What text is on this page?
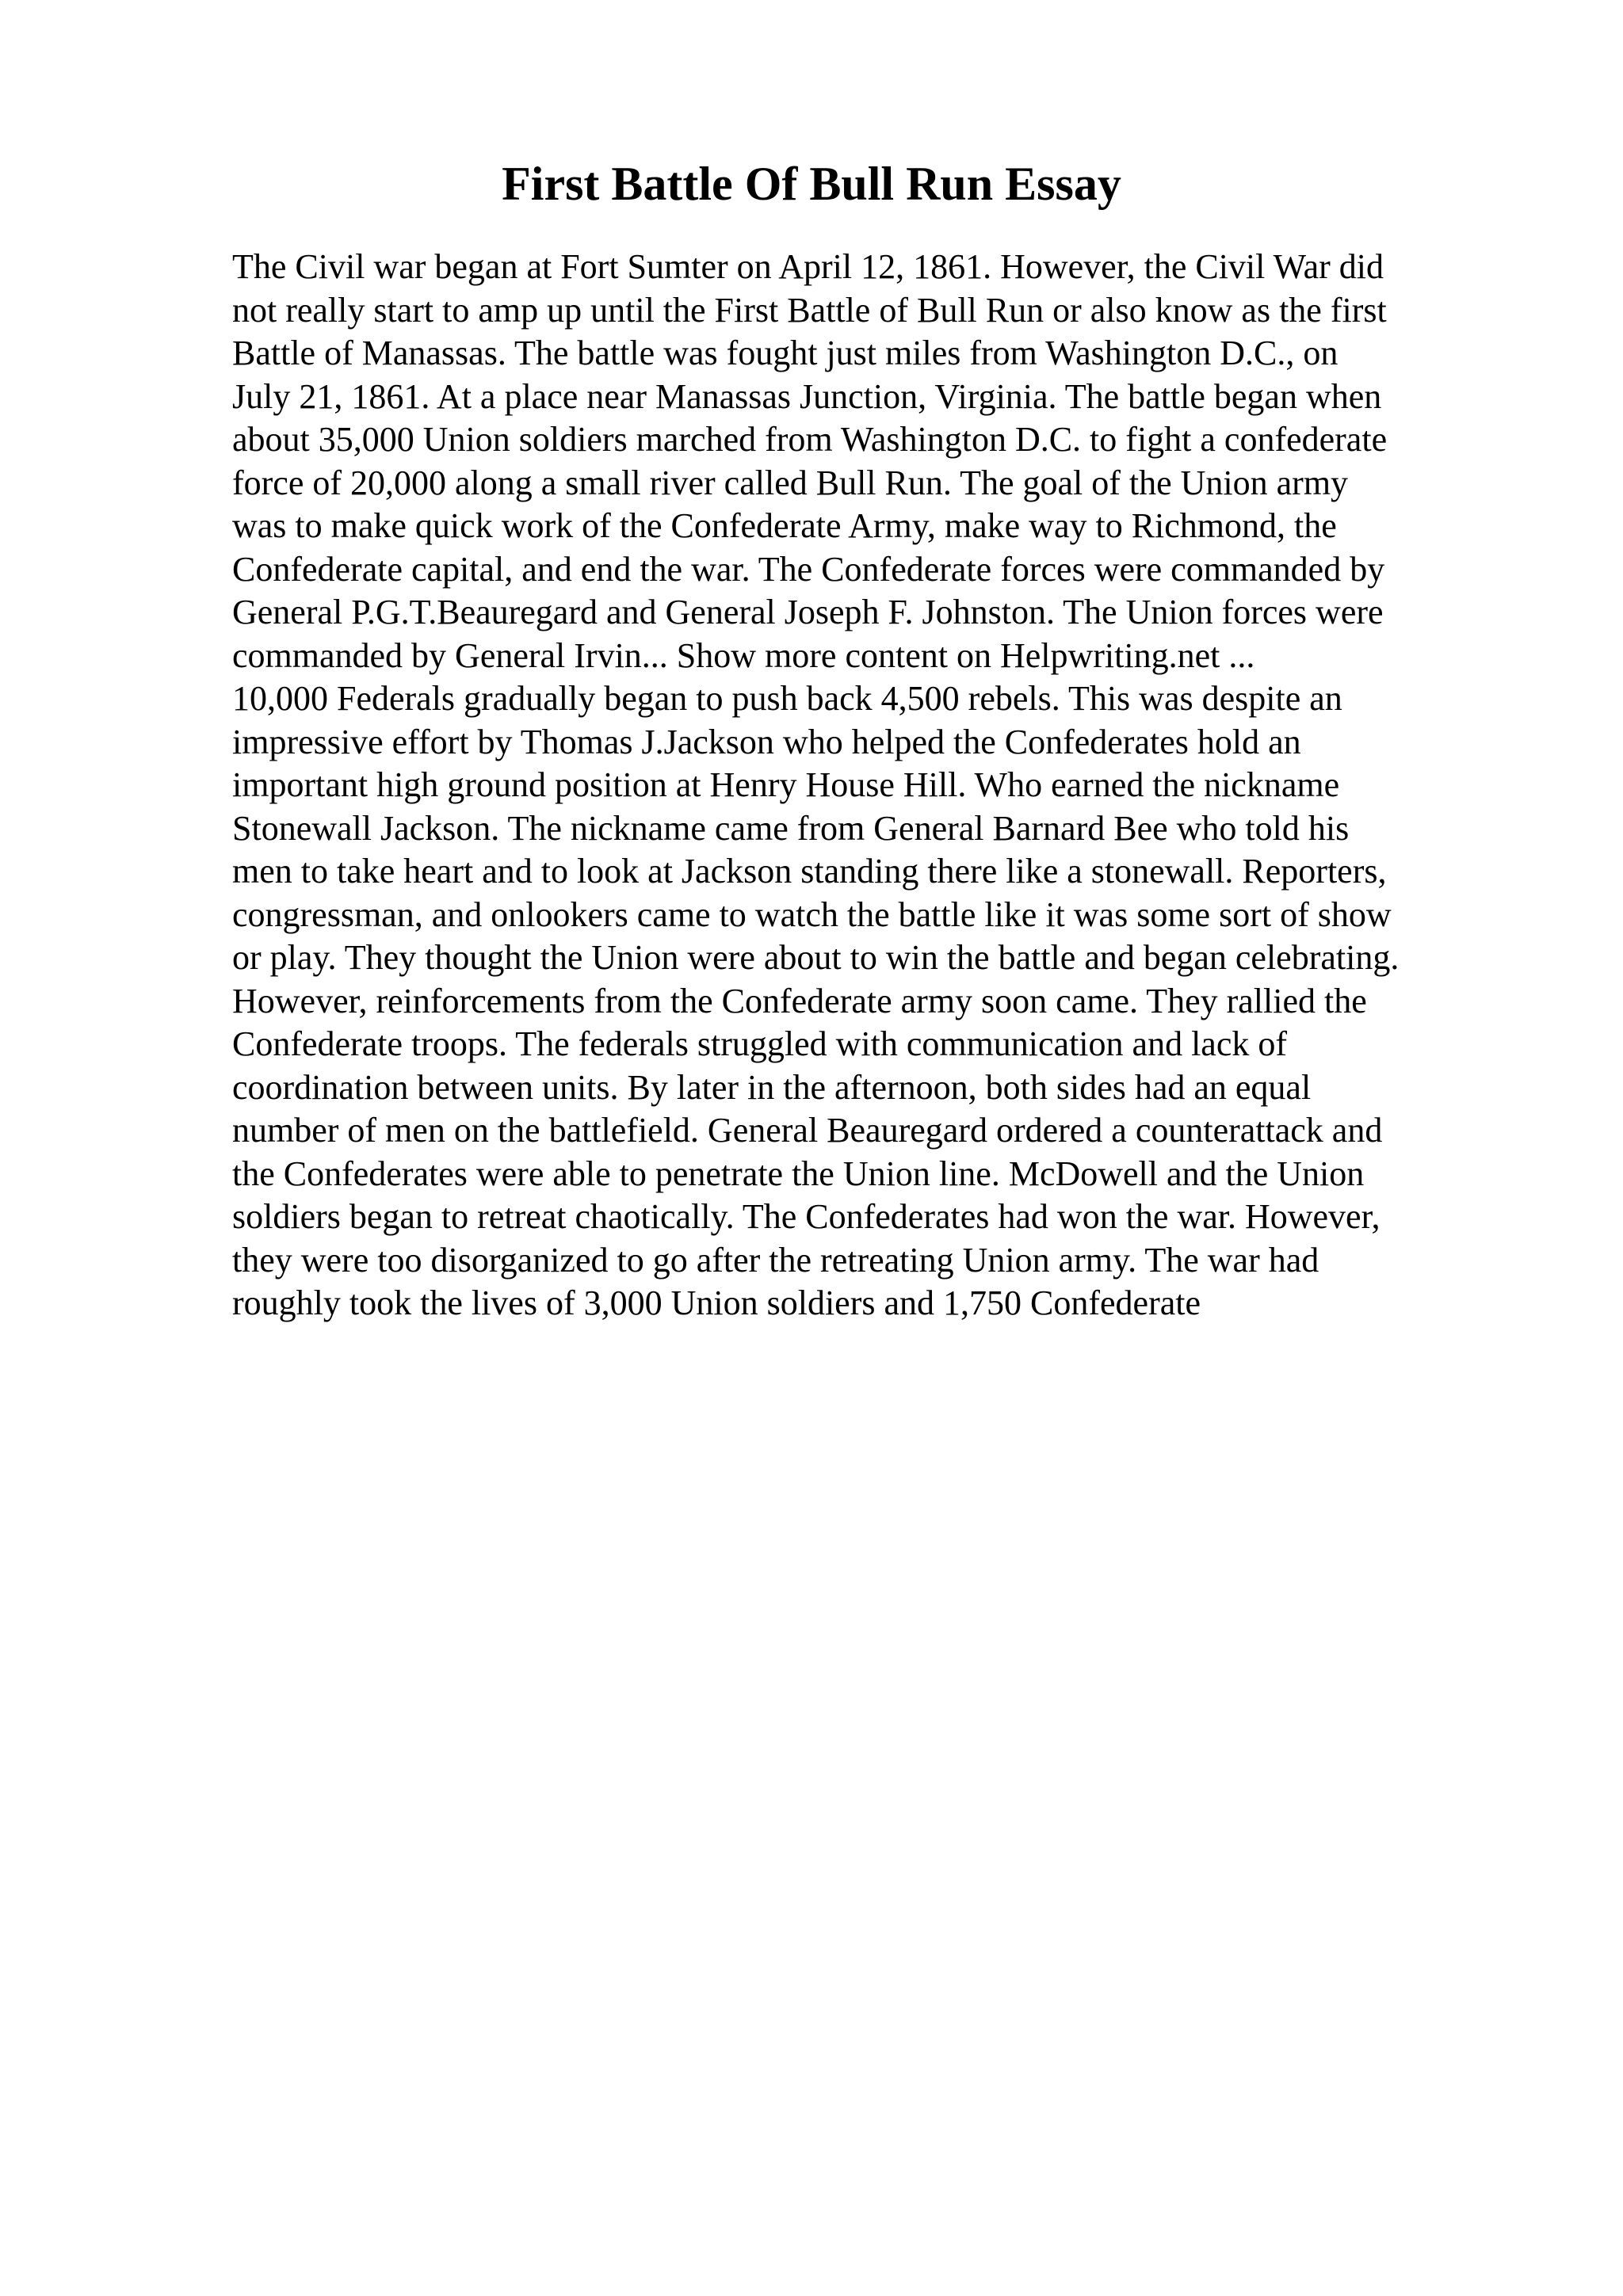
First Battle Of Bull Run Essay
The Civil war began at Fort Sumter on April 12, 1861. However, the Civil War did
not really start to amp up until the First Battle of Bull Run or also know as the first
Battle of Manassas. The battle was fought just miles from Washington D.C., on
July 21, 1861. At a place near Manassas Junction, Virginia. The battle began when
about 35,000 Union soldiers marched from Washington D.C. to fight a confederate
force of 20,000 along a small river called Bull Run. The goal of the Union army
was to make quick work of the Confederate Army, make way to Richmond, the
Confederate capital, and end the war. The Confederate forces were commanded by
General P.G.T.Beauregard and General Joseph F. Johnston. The Union forces were
commanded by General Irvin... Show more content on Helpwriting.net ...
10,000 Federals gradually began to push back 4,500 rebels. This was despite an
impressive effort by Thomas J.Jackson who helped the Confederates hold an
important high ground position at Henry House Hill. Who earned the nickname
Stonewall Jackson. The nickname came from General Barnard Bee who told his
men to take heart and to look at Jackson standing there like a stonewall. Reporters,
congressman, and onlookers came to watch the battle like it was some sort of show
or play. They thought the Union were about to win the battle and began celebrating.
However, reinforcements from the Confederate army soon came. They rallied the
Confederate troops. The federals struggled with communication and lack of
coordination between units. By later in the afternoon, both sides had an equal
number of men on the battlefield. General Beauregard ordered a counterattack and
the Confederates were able to penetrate the Union line. McDowell and the Union
soldiers began to retreat chaotically. The Confederates had won the war. However,
they were too disorganized to go after the retreating Union army. The war had
roughly took the lives of 3,000 Union soldiers and 1,750 Confederate
